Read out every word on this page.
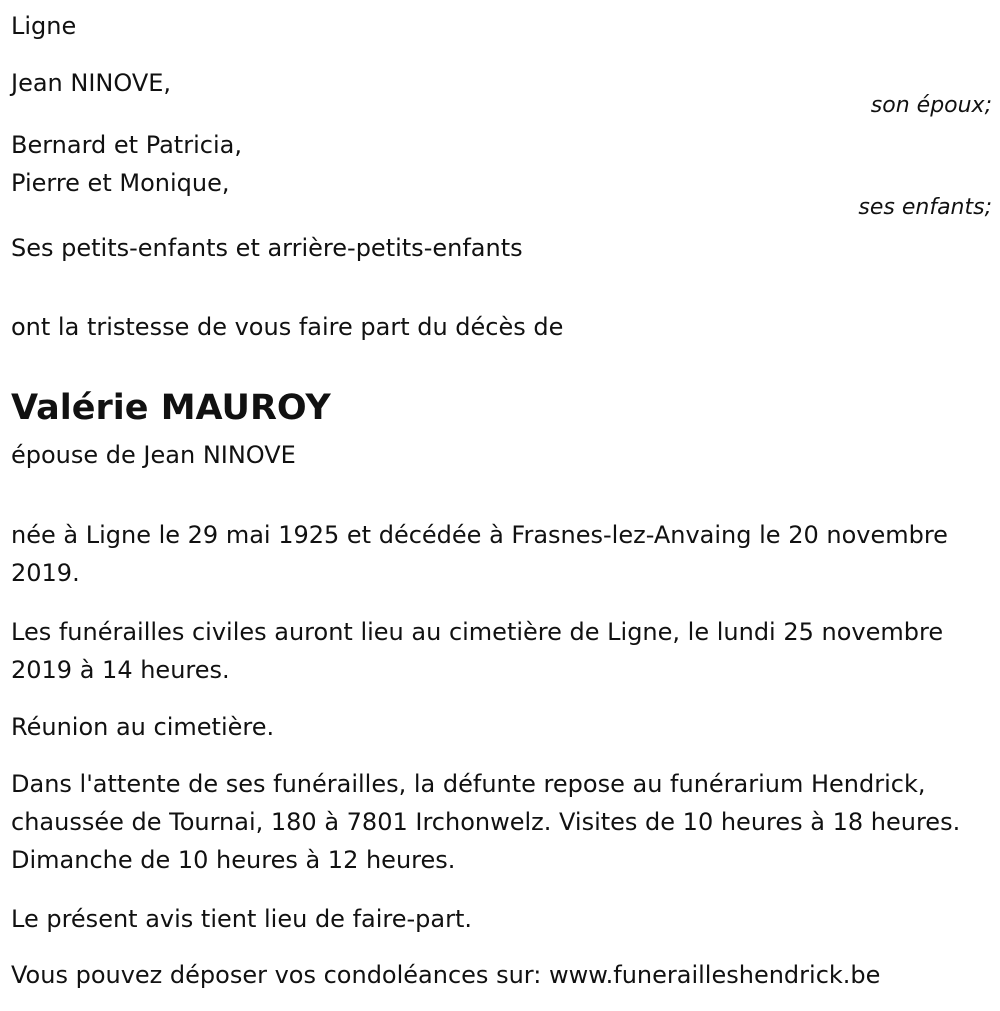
Ligne
Jean NINOVE,
son époux;
Bernard et Patricia,
Pierre et Monique,
ses enfants;
Ses petits-enfants et arrière-petits-enfants
ont la tristesse de vous faire part du décès de
Valérie MAUROY
épouse de Jean NINOVE
née à Ligne le 29 mai 1925 et décédée à Frasnes-lez-Anvaing le 20 novembre 2019.
Les funérailles civiles auront lieu au cimetière de Ligne, le lundi 25 novembre 2019 à 14 heures.
Réunion au cimetière.
Dans l'attente de ses funérailles, la défunte repose au funérarium Hendrick, chaussée de Tournai, 180 à 7801 Irchonwelz. Visites de 10 heures à 18 heures. Dimanche de 10 heures à 12 heures.
Le présent avis tient lieu de faire-part.
Vous pouvez déposer vos condoléances sur: www.funerailleshendrick.be
